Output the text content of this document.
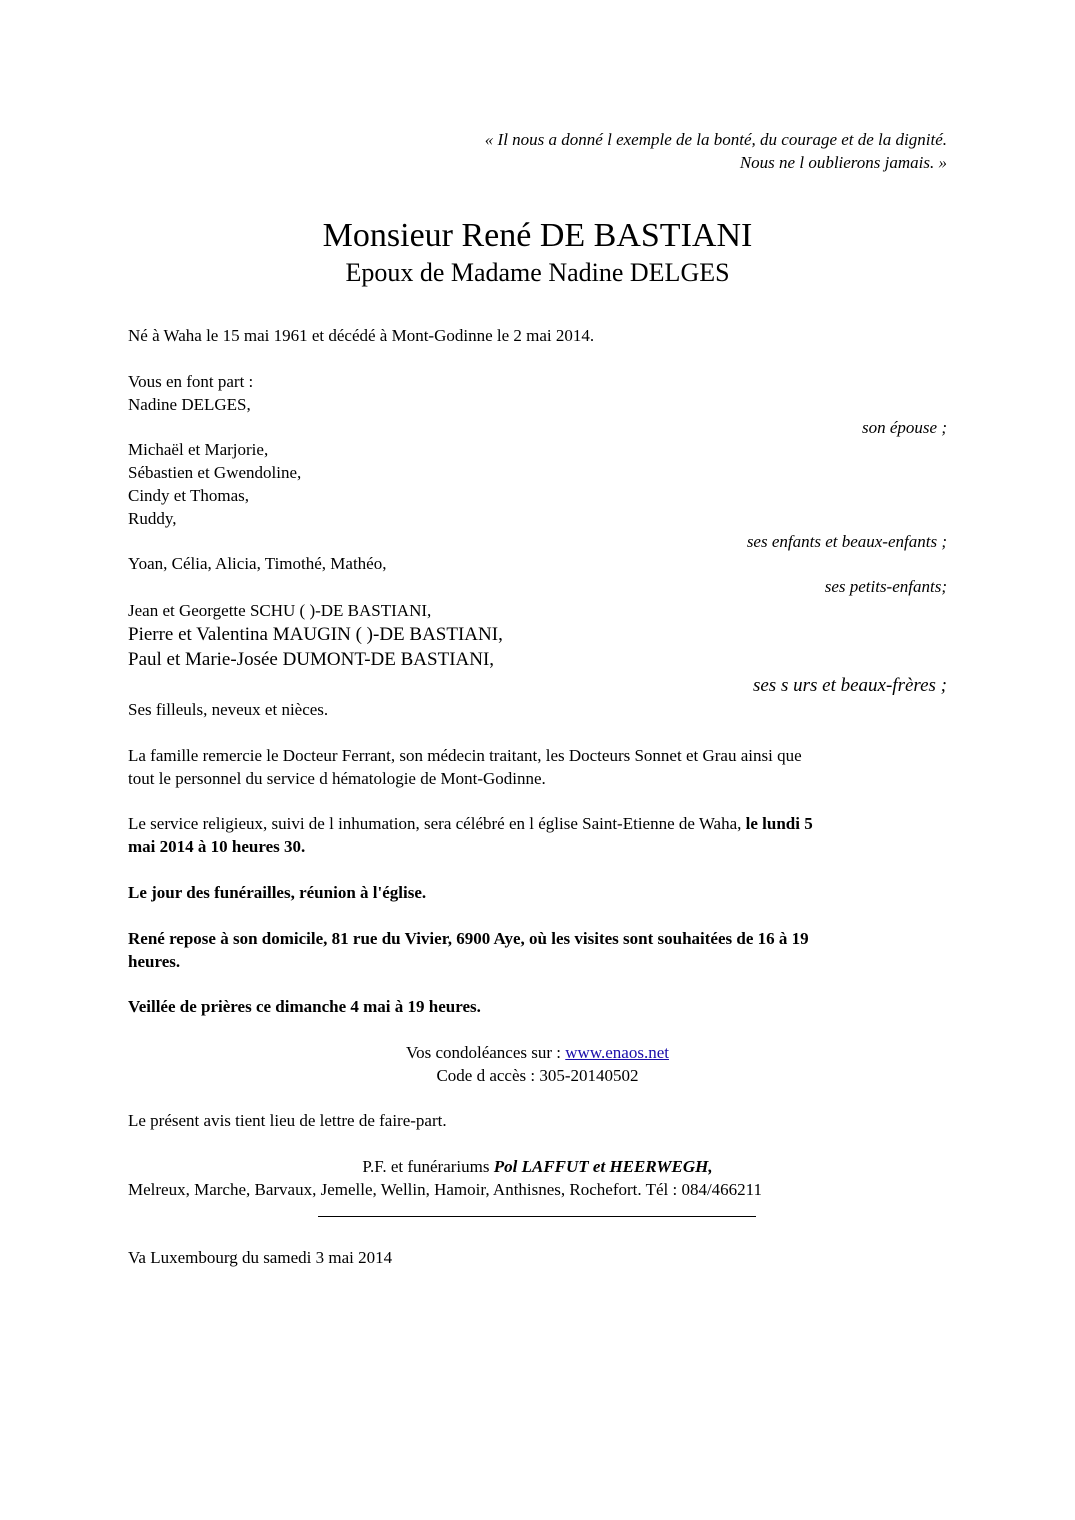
« Il nous a donné l exemple de la bonté, du courage et de la dignité.
Nous ne l oublierons jamais. »
Monsieur René DE BASTIANI
Epoux de Madame Nadine DELGES
Né à Waha le 15 mai 1961 et décédé à Mont-Godinne le 2 mai 2014.
Vous en font part :
Nadine DELGES,
son épouse ;
Michaël et Marjorie,
Sébastien et Gwendoline,
Cindy et Thomas,
Ruddy,
ses enfants et beaux-enfants ;
Yoan, Célia, Alicia, Timothé, Mathéo,
ses petits-enfants;
Jean et Georgette SCHU ( )-DE BASTIANI,
Pierre et Valentina MAUGIN ( )-DE BASTIANI,
Paul et Marie-Josée DUMONT-DE BASTIANI,
ses s urs et beaux-frères ;
Ses filleuls, neveux et nièces.
La famille remercie le Docteur Ferrant, son médecin traitant, les Docteurs Sonnet et Grau ainsi que
tout le personnel du service d hématologie de Mont-Godinne.
Le service religieux, suivi de l inhumation, sera célébré en l église Saint-Etienne de Waha, le lundi 5
mai 2014 à 10 heures 30.
Le jour des funérailles, réunion à l'église.
René repose à son domicile, 81 rue du Vivier, 6900 Aye, où les visites sont souhaitées de 16 à 19
heures.
Veillée de prières ce dimanche 4 mai à 19 heures.
Vos condoléances sur : www.enaos.net
Code d accès : 305-20140502
Le présent avis tient lieu de lettre de faire-part.
P.F. et funérariums Pol LAFFUT et HEERWEGH,
Melreux, Marche, Barvaux, Jemelle, Wellin, Hamoir, Anthisnes, Rochefort. Tél : 084/466211
Va Luxembourg du samedi 3 mai 2014
